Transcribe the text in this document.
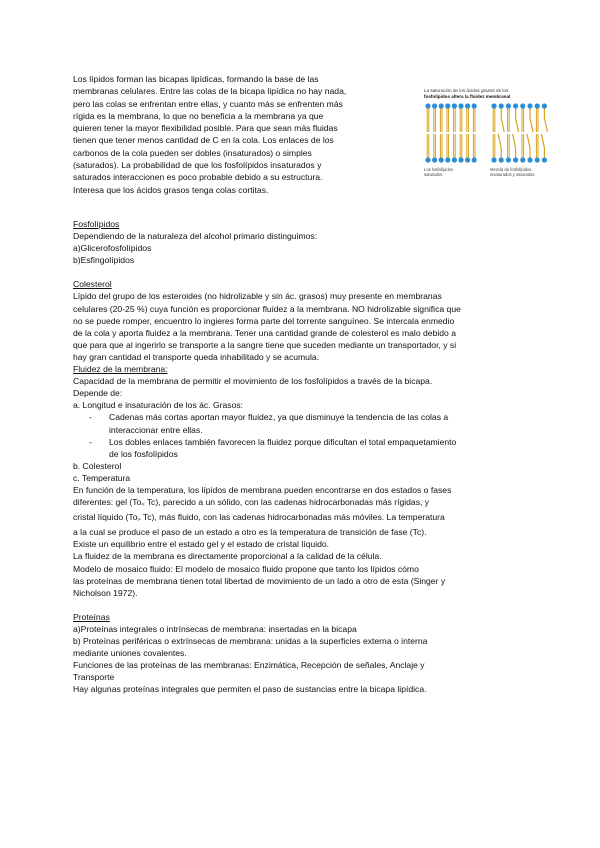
Los lípidos forman las bicapas lipídicas, formando la base de las

membranas celulares. Entre las colas de la bicapa lipídica no hay nada,

pero las colas se enfrentan entre ellas, y cuanto más se enfrenten más

rígida es la membrana, lo que no beneficia a la membrana ya que

quieren tener la mayor flexibilidad posible. Para que sean más fluidas

tienen que tener menos cantidad de C en la cola. Los enlaces de los

carbonos de la cola pueden ser dobles (insaturados) o simples

(saturados). La probabilidad de que los fosfolípidos insaturados y

saturados interaccionen es poco probable debido a su estructura.

Interesa que los ácidos grasos tenga colas cortitas.

La saturación de los ácidos grasos de los
fosfolípidos altera la fluidez membranal
Los fosfolípidos
saturados
Mezcla de fosfolípidos
insaturados y saturados

Fosfolípidos

Dependiendo de la naturaleza del alcohol primario distinguimos:

a)Glicerofosfolípidos

b)Esfingolípidos

Colesterol

Lípido del grupo de los esteroides (no hidrolizable y sin ác. grasos) muy presente en membranas

celulares (20-25 %) cuya función es proporcionar fluidez a la membrana. NO hidrolizable significa que

no se puede romper, encuentro lo ingieres forma parte del torrente sanguíneo. Se intercala enmedio

de la cola y aporta fluidez a la membrana. Tener una cantidad grande de colesterol es malo debido a

que para que al ingerirlo se transporte a la sangre tiene que suceden mediante un transportador, y si

hay gran cantidad el transporte queda inhabilitado y se acumula.

Fluidez de la membrana:

Capacidad de la membrana de permitir el movimiento de los fosfolípidos a través de la bicapa.

Depende de:

a. Longitud e insaturación de los ác. Grasos:

- Cadenas más cortas aportan mayor fluidez, ya que disminuye la tendencia de las colas a

interaccionar entre ellas.

- Los dobles enlaces también favorecen la fluidez porque dificultan el total empaquetamiento

de los fosfolípidos

b. Colesterol

c. Temperatura

En función de la temperatura, los lípidos de membrana pueden encontrarse en dos estados o fases

diferentes: gel (To< Tc), parecido a un sólido, con las cadenas hidrocarbonadas más rígidas, y

cristal líquido (To> Tc), más fluido, con las cadenas hidrocarbonadas más móviles. La temperatura

a la cual se produce el paso de un estado a otro es la temperatura de transición de fase (Tc).

Existe un equilibrio entre el estado gel y el estado de cristal líquido.

La fluidez de la membrana es directamente proporcional a la calidad de la célula.

Modelo de mosaico fluido: El modelo de mosaico fluido propone que tanto los lípidos cómo

las proteínas de membrana tienen total libertad de movimiento de un lado a otro de esta (Singer y

Nicholson 1972).

Proteínas

a)Proteínas integrales o intrínsecas de membrana: insertadas en la bicapa

b) Proteínas periféricas o extrínsecas de membrana: unidas a la superficies externa o interna

mediante uniones covalentes.

Funciones de las proteínas de las membranas: Enzimática, Recepción de señales, Anclaje y

Transporte

Hay algunas proteínas integrales que permiten el paso de sustancias entre la bicapa lipídica.
